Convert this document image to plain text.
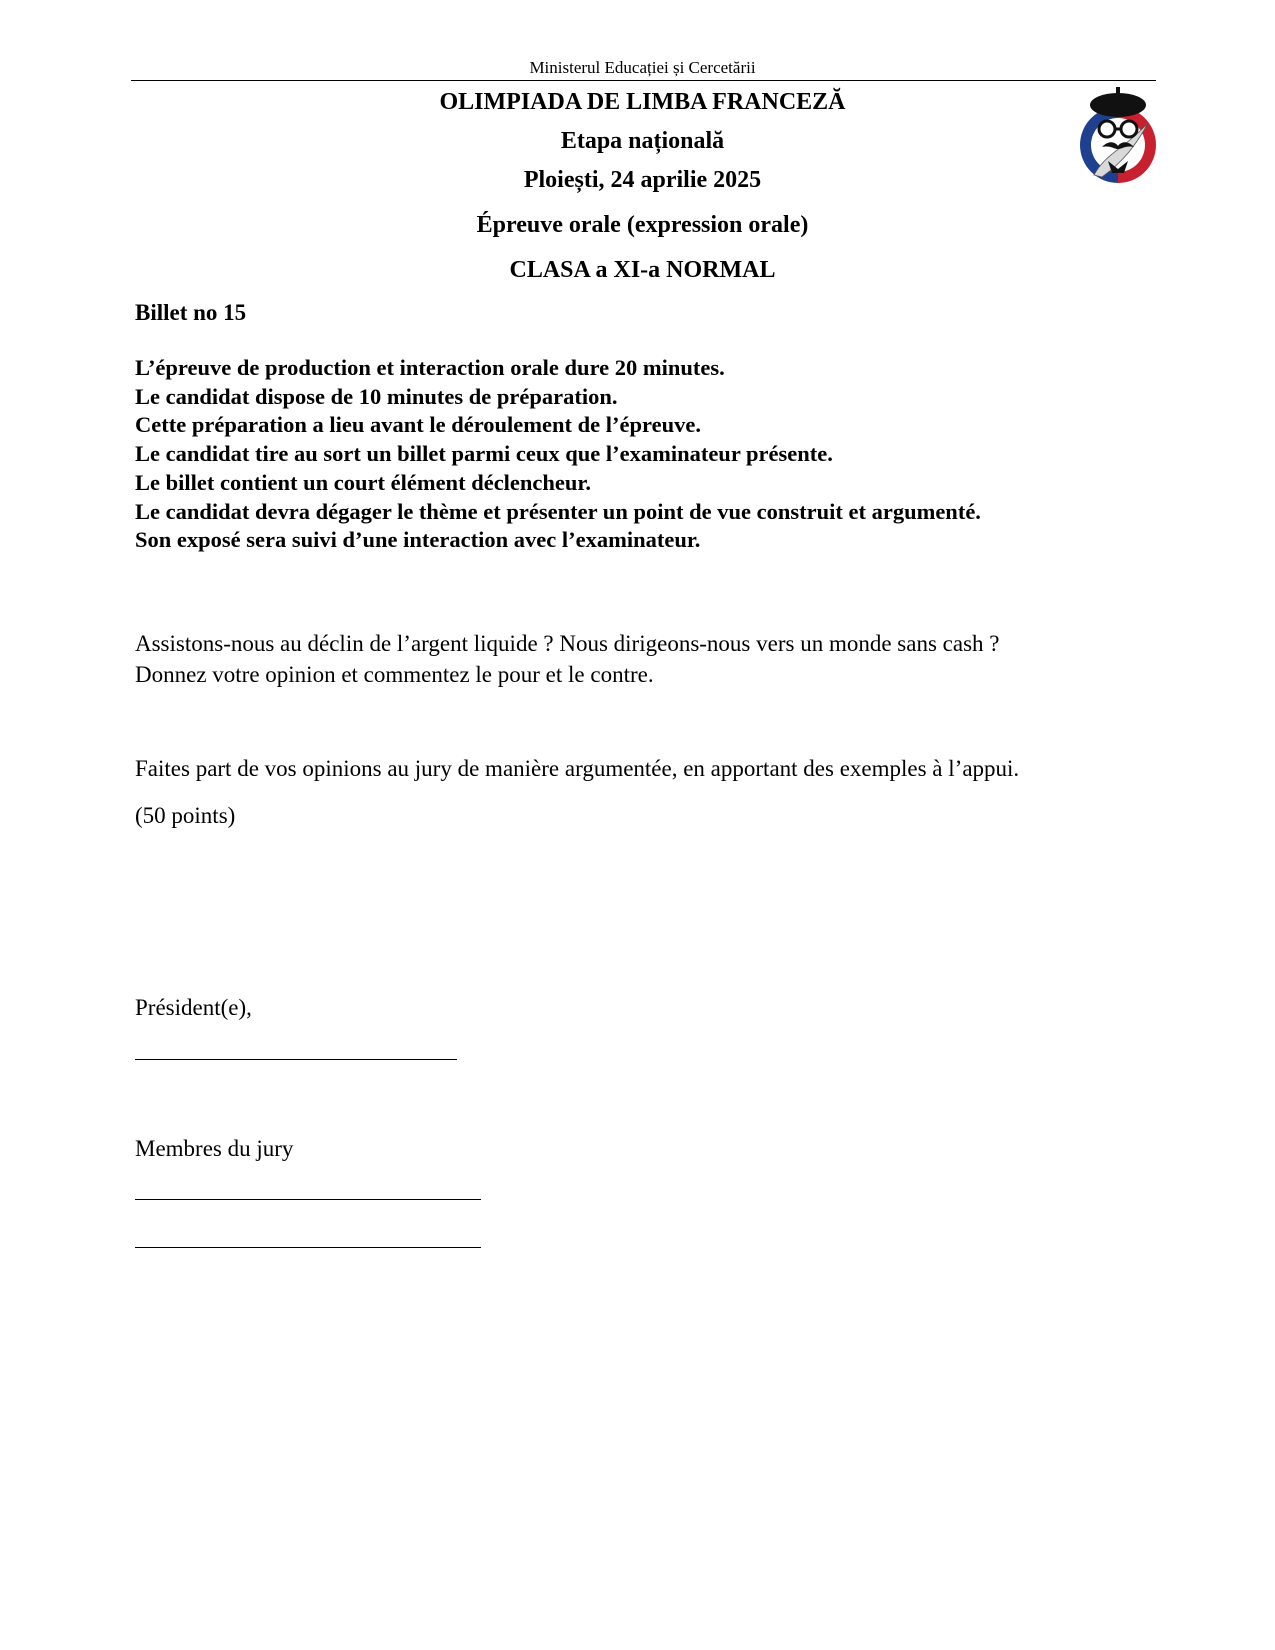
Ministerul Educației și Cercetării
OLIMPIADA DE LIMBA FRANCEZĂ
Etapa națională
Ploiești, 24 aprilie 2025
Épreuve orale (expression orale)
CLASA a XI-a NORMAL
Billet no 15
L’épreuve de production et interaction orale dure 20 minutes.
Le candidat dispose de 10 minutes de préparation.
Cette préparation a lieu avant le déroulement de l’épreuve.
Le candidat tire au sort un billet parmi ceux que l’examinateur présente.
Le billet contient un court élément déclencheur.
Le candidat devra dégager le thème et présenter un point de vue construit et argumenté.
Son exposé sera suivi d’une interaction avec l’examinateur.
Assistons-nous au déclin de l’argent liquide ? Nous dirigeons-nous vers un monde sans cash ?
Donnez votre opinion et commentez le pour et le contre.
Faites part de vos opinions au jury de manière argumentée, en apportant des exemples à l’appui.
(50 points)
Président(e),
Membres du jury
